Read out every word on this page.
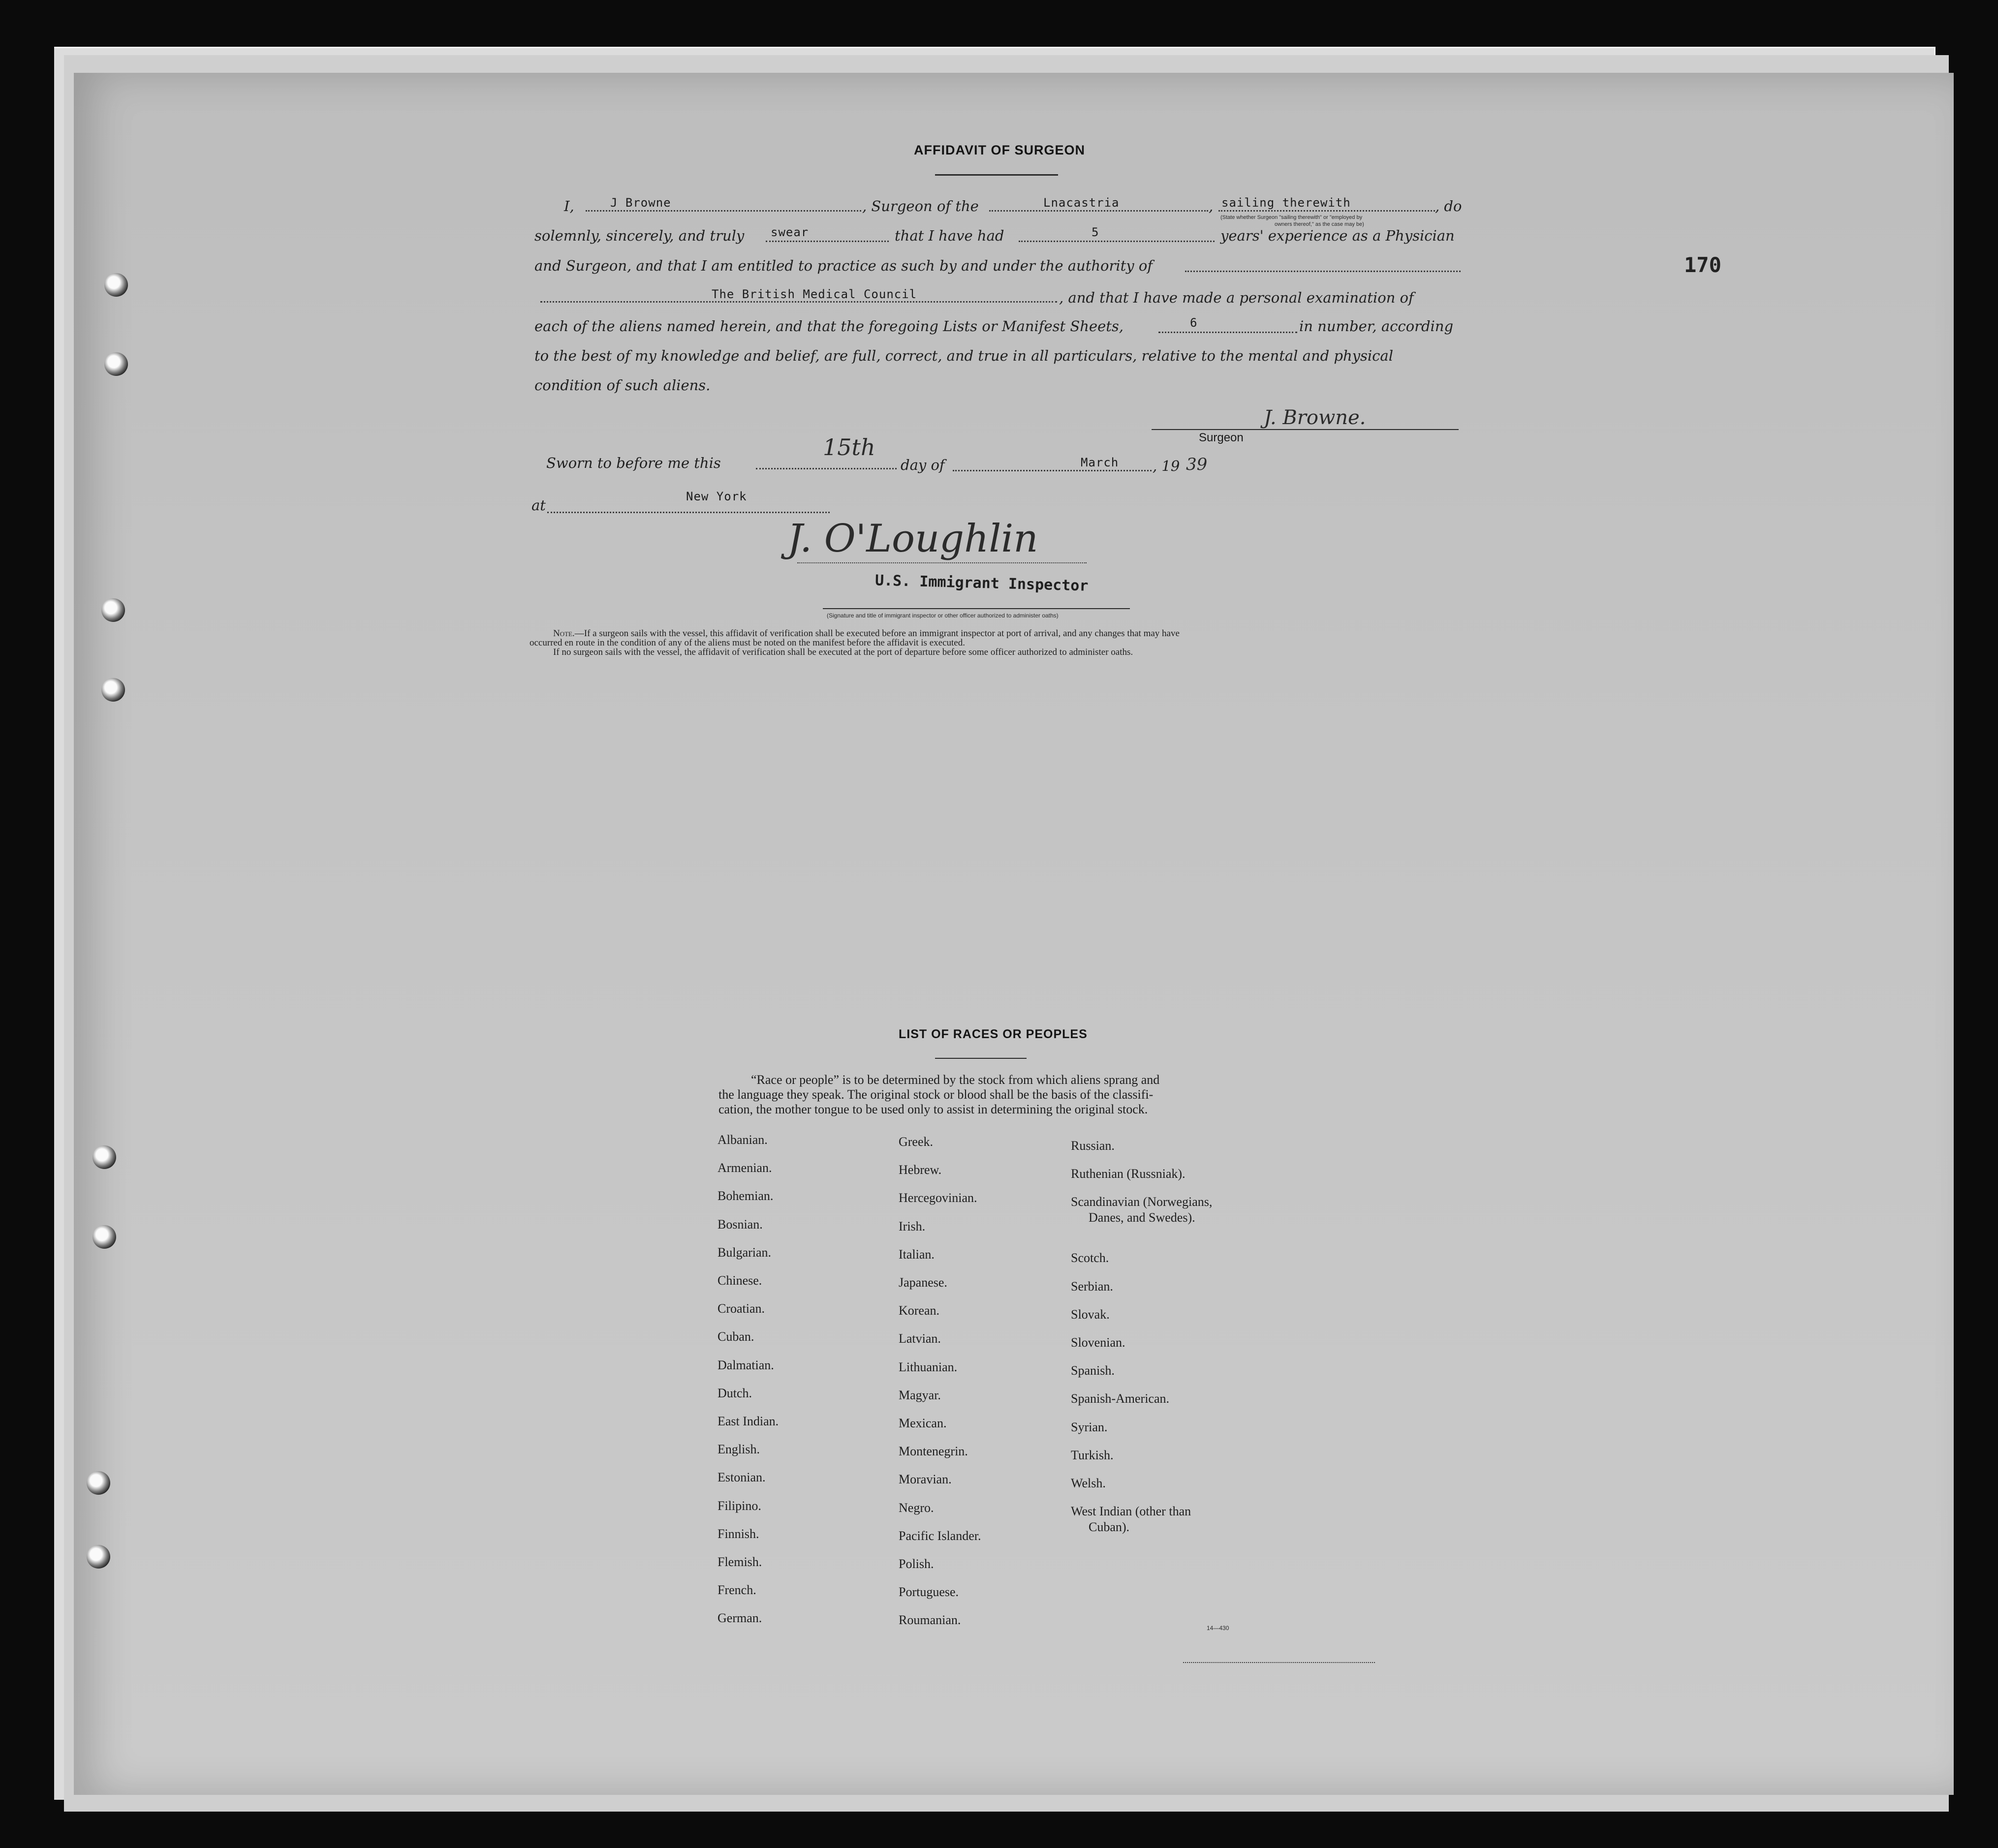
170
AFFIDAVIT OF SURGEON
I,	J Browne	, Surgeon of the	Lnacastria	, sailing therewith	, do
(State whether Surgeon "sailing therewith" or "employed by
owners thereof," as the case may be)
solemnly, sincerely, and truly swear	that I have had	5	years' experience as a Physician
and Surgeon, and that I am entitled to practice as such by and under the authority of
The British Medical Council	, and that I have made a personal examination of
each of the aliens named herein, and that the foregoing Lists or Manifest Sheets,	6	in number, according
to the best of my knowledge and belief, are full, correct, and true in all particulars, relative to the mental and physical
condition of such aliens.
J. Browne.
Surgeon
Sworn to before me this
15th
day of	March , 19 39
New York
at
J. O'Loughlin
U.S. Immigrant Inspector
(Signature and title of immigrant inspector or other officer authorized to administer oaths)
Note.—If a surgeon sails with the vessel, this affidavit of verification shall be executed before an immigrant inspector at port of arrival, and any changes that may have
occurred en route in the condition of any of the aliens must be noted on the manifest before the affidavit is executed.
If no surgeon sails with the vessel, the affidavit of verification shall be executed at the port of departure before some officer authorized to administer oaths.
LIST OF RACES OR PEOPLES
“Race or people” is to be determined by the stock from which aliens sprang and
the language they speak. The original stock or blood shall be the basis of the classifi-
cation, the mother tongue to be used only to assist in determining the original stock.
Albanian.
Armenian.
Bohemian.
Bosnian.
Bulgarian.
Chinese.
Croatian.
Cuban.
Dalmatian.
Dutch.
East Indian.
English.
Estonian.
Filipino.
Finnish.
Flemish.
French.
German.
Greek.
Hebrew.
Hercegovinian.
Irish.
Italian.
Japanese.
Korean.
Latvian.
Lithuanian.
Magyar.
Mexican.
Montenegrin.
Moravian.
Negro.
Pacific Islander.
Polish.
Portuguese.
Roumanian.
Russian.
Ruthenian (Russniak).
Scandinavian (Norwegians,
Danes, and Swedes).
Scotch.
Serbian.
Slovak.
Slovenian.
Spanish.
Spanish-American.
Syrian.
Turkish.
Welsh.
West Indian (other than
Cuban).
14—430
